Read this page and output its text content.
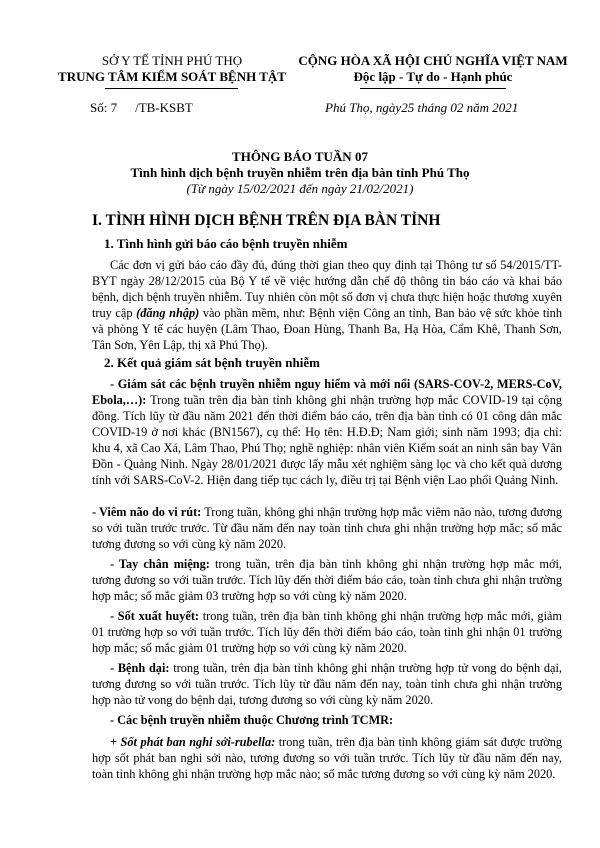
SỞ Y TẾ TỈNH PHÚ THỌ
TRUNG TÂM KIỂM SOÁT BỆNH TẬT
CỘNG HÒA XÃ HỘI CHỦ NGHĨA VIỆT NAM
Độc lập - Tự do - Hạnh phúc
Số: 7 /TB-KSBT	Phú Thọ, ngày25 tháng 02 năm 2021
THÔNG BÁO TUẦN 07
Tình hình dịch bệnh truyền nhiễm trên địa bàn tỉnh Phú Thọ
(Từ ngày 15/02/2021 đến ngày 21/02/2021)
I. TÌNH HÌNH DỊCH BỆNH TRÊN ĐỊA BÀN TỈNH
1. Tình hình gửi báo cáo bệnh truyền nhiễm
Các đơn vị gửi báo cáo đầy đủ, đúng thời gian theo quy định tại Thông tư số 54/2015/TT-BYT ngày 28/12/2015 của Bộ Y tế về việc hướng dẫn chế độ thông tin báo cáo và khai báo bệnh, dịch bệnh truyền nhiễm. Tuy nhiên còn một số đơn vị chưa thực hiện hoặc thương xuyên truy cập (đăng nhập) vào phần mềm, như: Bệnh viện Công an tỉnh, Ban bảo vệ sức khỏe tỉnh và phòng Y tế các huyện (Lâm Thao, Đoan Hùng, Thanh Ba, Hạ Hòa, Cẩm Khê, Thanh Sơn, Tân Sơn, Yên Lập, thị xã Phú Thọ).
2. Kết quả giám sát bệnh truyền nhiễm
- Giám sát các bệnh truyền nhiễm nguy hiểm và mới nổi (SARS-COV-2, MERS-CoV, Ebola,…): Trong tuần trên địa bàn tỉnh không ghi nhận trường hợp mắc COVID-19 tại cộng đồng. Tích lũy từ đầu năm 2021 đến thời điểm báo cáo, trên địa bàn tỉnh có 01 công dân mắc COVID-19 ở nơi khác (BN1567), cụ thể: Họ tên: H.Đ.Đ; Nam giới; sinh năm 1993; địa chỉ: khu 4, xã Cao Xá, Lâm Thao, Phú Thọ; nghề nghiệp: nhân viên Kiểm soát an ninh sân bay Vân Đồn - Quảng Ninh. Ngày 28/01/2021 được lấy mẫu xét nghiệm sàng lọc và cho kết quả dương tính với SARS-CoV-2. Hiện đang tiếp tục cách ly, điều trị tại Bệnh viện Lao phổi Quảng Ninh.
- Viêm não do vi rút: Trong tuần, không ghi nhận trường hợp mắc viêm não nào, tương đương so với tuần trước trước. Từ đầu năm đến nay toàn tỉnh chưa ghi nhận trường hợp mắc; số mắc tương đương so với cùng kỳ năm 2020.
- Tay chân miệng: trong tuần, trên địa bàn tỉnh không ghi nhận trường hợp mắc mới, tương đương so với tuần trước. Tích lũy đến thời điểm báo cáo, toàn tỉnh chưa ghi nhận trường hợp mắc; số mắc giảm 03 trường hợp so với cùng kỳ năm 2020.
- Sốt xuất huyết: trong tuần, trên địa bàn tỉnh không ghi nhận trường hợp mắc mới, giảm 01 trường hợp so với tuần trước. Tích lũy đến thời điểm báo cáo, toàn tỉnh ghi nhận 01 trường hợp mắc; số mắc giảm 01 trường hợp so với cùng kỳ năm 2020.
- Bệnh dại: trong tuần, trên địa bàn tỉnh không ghi nhận trường hợp tử vong do bệnh dại, tương đương so với tuần trước. Tích lũy từ đầu năm đến nay, toàn tỉnh chưa ghi nhận trường hợp nào tử vong do bệnh dại, tương đương so với cùng kỳ năm 2020.
- Các bệnh truyền nhiễm thuộc Chương trình TCMR:
+ Sốt phát ban nghi sởi-rubella: trong tuần, trên địa bàn tỉnh không giám sát được trường hợp sốt phát ban nghi sởi nào, tương đương so với tuần trước. Tích lũy từ đầu năm đến nay, toàn tỉnh không ghi nhận trường hợp mắc nào; số mắc tương đương so với cùng kỳ năm 2020.
